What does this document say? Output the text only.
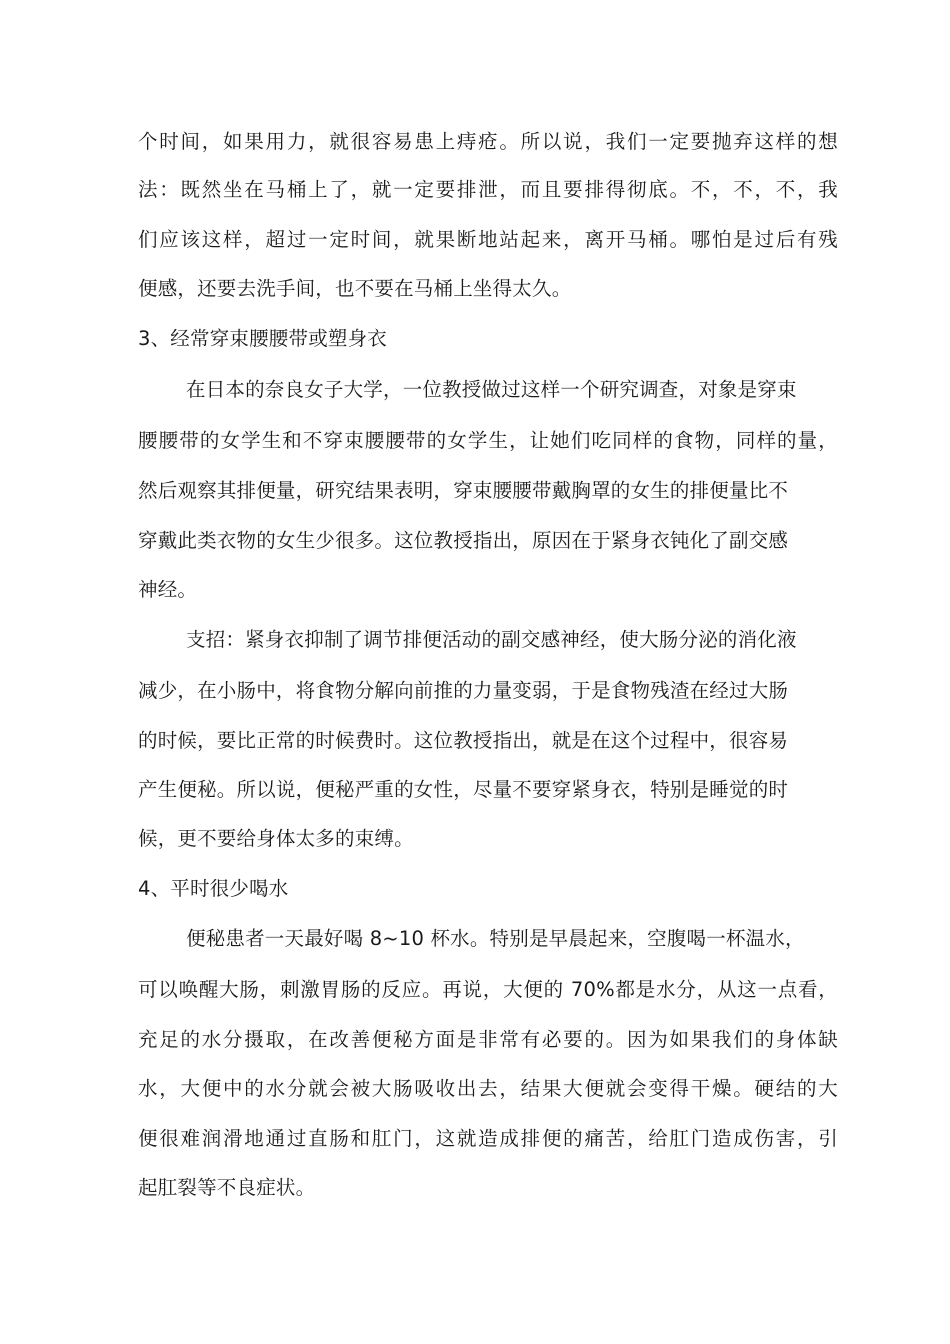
个时间，如果用力，就很容易患上痔疮。所以说，我们一定要抛弃这样的想
法：既然坐在马桶上了，就一定要排泄，而且要排得彻底。不，不，不，我
们应该这样，超过一定时间，就果断地站起来，离开马桶。哪怕是过后有残
便感，还要去洗手间，也不要在马桶上坐得太久。
3、经常穿束腰腰带或塑身衣
在日本的奈良女子大学，一位教授做过这样一个研究调查，对象是穿束
腰腰带的女学生和不穿束腰腰带的女学生，让她们吃同样的食物，同样的量，
然后观察其排便量，研究结果表明，穿束腰腰带戴胸罩的女生的排便量比不
穿戴此类衣物的女生少很多。这位教授指出，原因在于紧身衣钝化了副交感
神经。
支招：紧身衣抑制了调节排便活动的副交感神经，使大肠分泌的消化液
减少，在小肠中，将食物分解向前推的力量变弱，于是食物残渣在经过大肠
的时候，要比正常的时候费时。这位教授指出，就是在这个过程中，很容易
产生便秘。所以说，便秘严重的女性，尽量不要穿紧身衣，特别是睡觉的时
候，更不要给身体太多的束缚。
4、平时很少喝水
便秘患者一天最好喝 8~10 杯水。特别是早晨起来，空腹喝一杯温水，
可以唤醒大肠，刺激胃肠的反应。再说，大便的 70%都是水分，从这一点看，
充足的水分摄取，在改善便秘方面是非常有必要的。因为如果我们的身体缺
水，大便中的水分就会被大肠吸收出去，结果大便就会变得干燥。硬结的大
便很难润滑地通过直肠和肛门，这就造成排便的痛苦，给肛门造成伤害，引
起肛裂等不良症状。
